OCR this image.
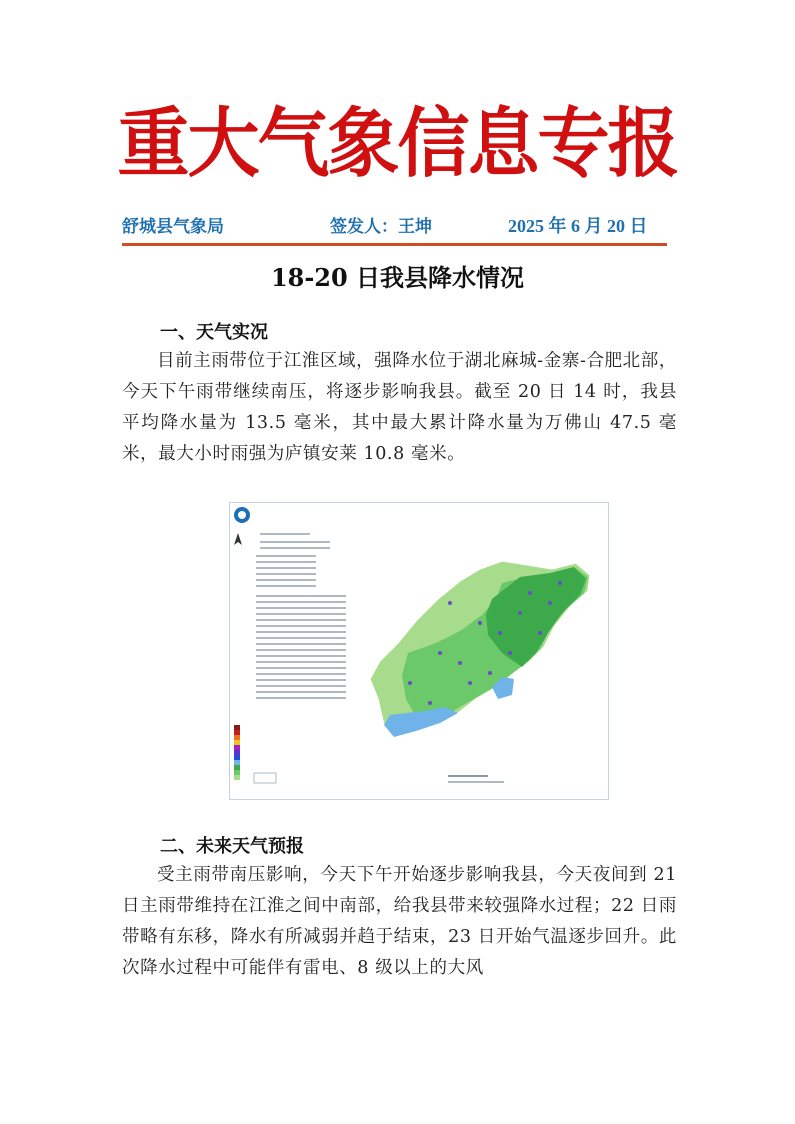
重大气象信息专报
舒城县气象局	签发人：王坤	2025 年 6 月 20 日
18-20 日我县降水情况
一、天气实况

目前主雨带位于江淮区域，强降水位于湖北麻城-金寨-合肥北部，今天下午雨带继续南压，将逐步影响我县。截至 20 日 14 时，我县平均降水量为 13.5 毫米，其中最大累计降水量为万佛山 47.5 毫米，最大小时雨强为庐镇安莱 10.8 毫米。

二、未来天气预报

受主雨带南压影响，今天下午开始逐步影响我县，今天夜间到 21 日主雨带维持在江淮之间中南部，给我县带来较强降水过程；22 日雨带略有东移，降水有所减弱并趋于结束，23 日开始气温逐步回升。此次降水过程中可能伴有雷电、8 级以上的大风
